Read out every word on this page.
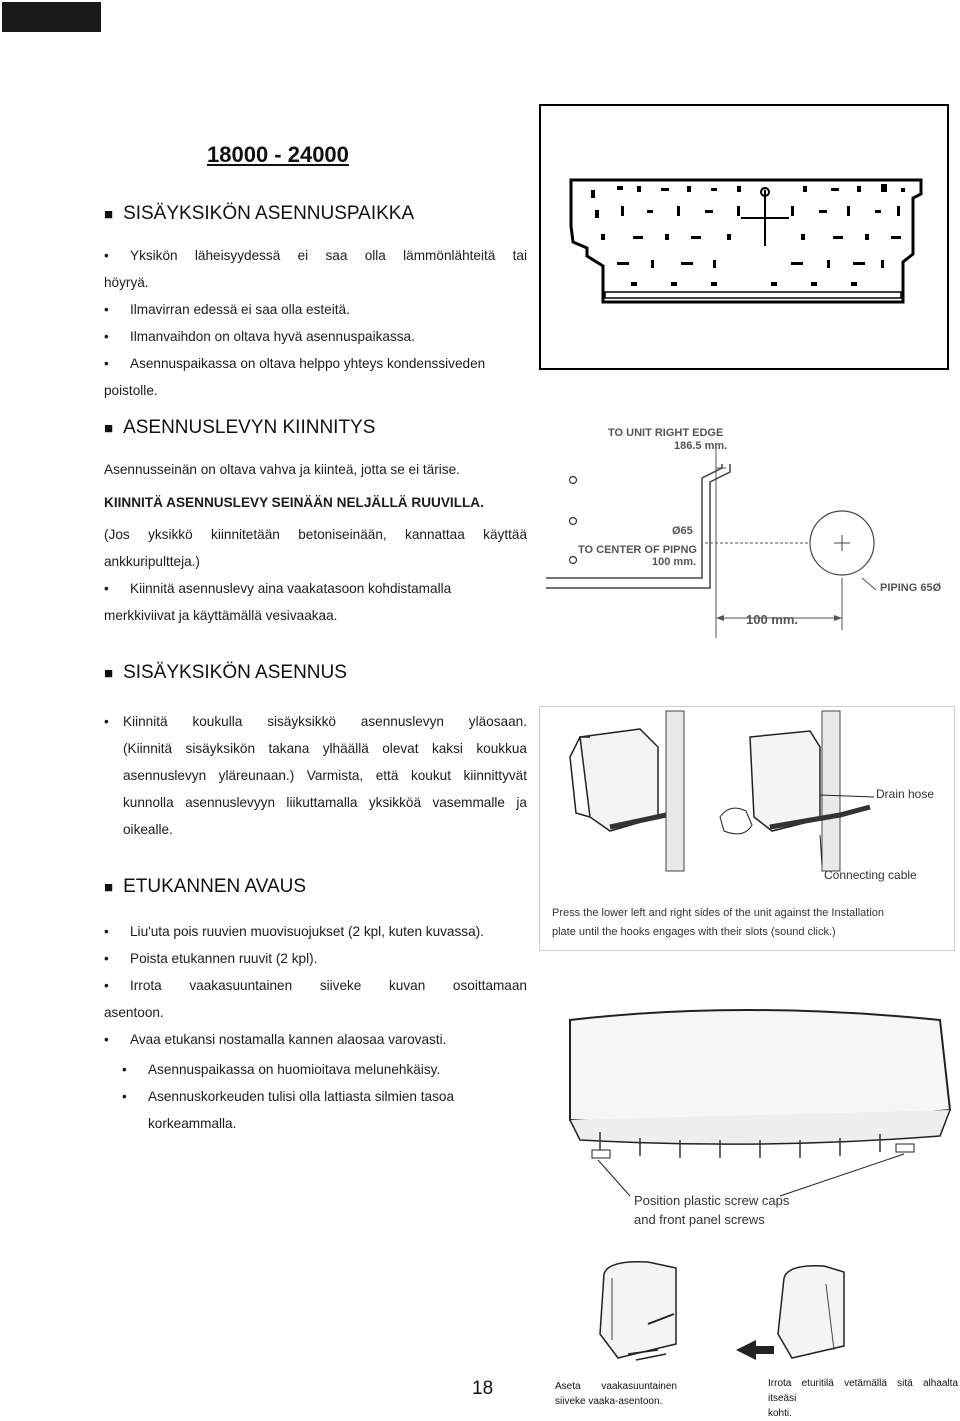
18000 - 24000
■ SISÄYKSIKÖN ASENNUSPAIKKA
• Yksikön läheisyydessä ei saa olla lämmönlähteitä tai
höyryä.
• Ilmavirran edessä ei saa olla esteitä.
• Ilmanvaihdon on oltava hyvä asennuspaikassa.
• Asennuspaikassa on oltava helppo yhteys kondenssiveden
poistolle.
■ ASENNUSLEVYN KIINNITYS
Asennusseinän on oltava vahva ja kiinteä, jotta se ei tärise.
KIINNITÄ ASENNUSLEVY SEINÄÄN NELJÄLLÄ RUUVILLA.
(Jos yksikkö kiinnitetään betoniseinään, kannattaa käyttää
ankkuripultteja.)
• Kiinnitä asennuslevy aina vaakatasoon kohdistamalla
merkkiviivat ja käyttämällä vesivaakaa.
■ SISÄYKSIKÖN ASENNUS
• Kiinnitä koukulla sisäyksikkö asennuslevyn yläosaan.
(Kiinnitä sisäyksikön takana ylhäällä olevat kaksi koukkua
asennuslevyn yläreunaan.) Varmista, että koukut kiinnittyvät
kunnolla asennuslevyyn liikuttamalla yksikköä vasemmalle ja
oikealle.
■ ETUKANNEN AVAUS
• Liu'uta pois ruuvien muovisuojukset (2 kpl, kuten kuvassa).
• Poista etukannen ruuvit (2 kpl).
• Irrota vaakasuuntainen siiveke kuvan osoittamaan
asentoon.
• Avaa etukansi nostamalla kannen alaosaa varovasti.
• Asennuspaikassa on huomioitava melunehkäisy.
• Asennuskorkeuden tulisi olla lattiasta silmien tasoa
korkeammalla.
TO UNIT RIGHT EDGE
186.5 mm.
Ø65
TO CENTER OF PIPNG
100 mm.
PIPING 65Ø
100 mm.
Drain hose
Connecting cable
Press the lower left and right sides of the unit against the Installation
plate until the hooks engages with their slots (sound click.)
Position plastic screw caps
and front panel screws
18	Aseta vaakasuuntainen
siiveke vaaka-asentoon.
Irrota eturitilä vetämällä sitä alhaalta itseäsi
kohti.
